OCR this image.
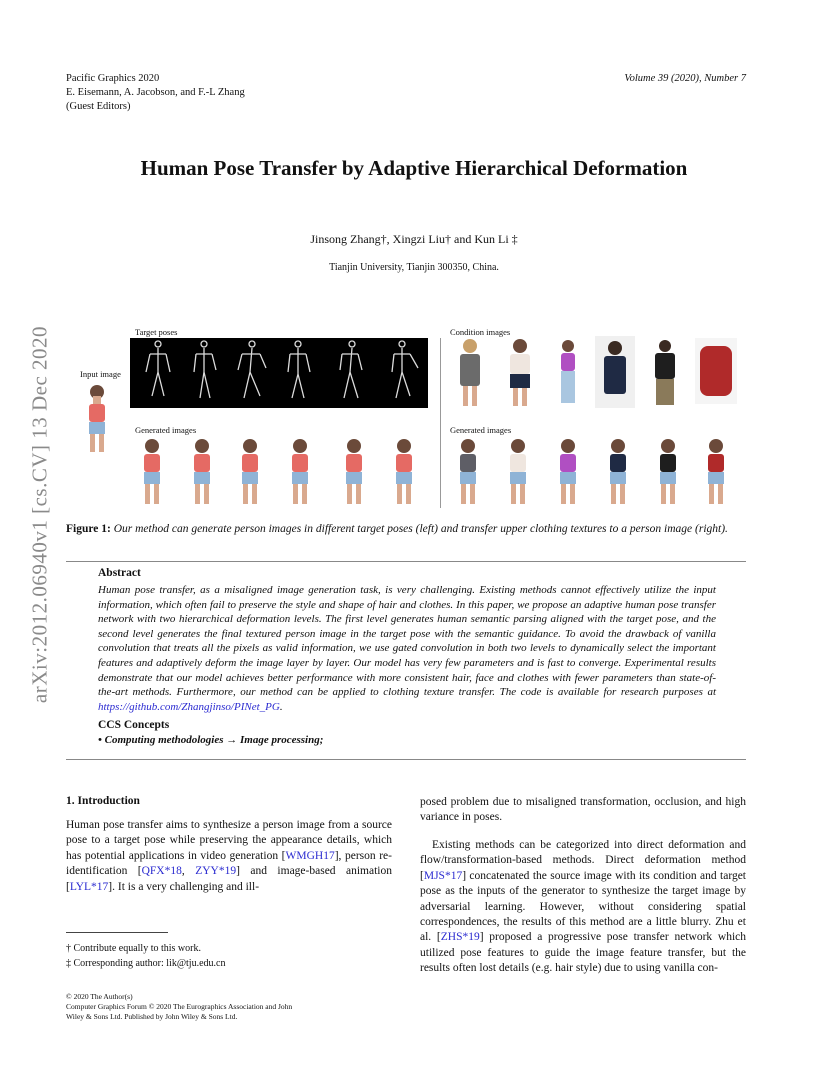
arXiv:2012.06940v1 [cs.CV] 13 Dec 2020
Pacific Graphics 2020
E. Eisemann, A. Jacobson, and F.-L Zhang
(Guest Editors)
Volume 39 (2020), Number 7
Human Pose Transfer by Adaptive Hierarchical Deformation
Jinsong Zhang†, Xingzi Liu† and Kun Li ‡
Tianjin University, Tianjin 300350, China.
Target poses	Condition images
Input image
Generated images	Generated images
Figure 1: Our method can generate person images in different target poses (left) and transfer upper clothing textures to a person image (right).
Abstract
Human pose transfer, as a misaligned image generation task, is very challenging. Existing methods cannot effectively utilize the input information, which often fail to preserve the style and shape of hair and clothes. In this paper, we propose an adaptive human pose transfer network with two hierarchical deformation levels. The first level generates human semantic parsing aligned with the target pose, and the second level generates the final textured person image in the target pose with the semantic guidance. To avoid the drawback of vanilla convolution that treats all the pixels as valid information, we use gated convolution in both two levels to dynamically select the important features and adaptively deform the image layer by layer. Our model has very few parameters and is fast to converge. Experimental results demonstrate that our model achieves better performance with more consistent hair, face and clothes with fewer parameters than state-of-the-art methods. Furthermore, our method can be applied to clothing texture transfer. The code is available for research purposes at https://github.com/Zhangjinso/PINet_PG.
CCS Concepts
• Computing methodologies → Image processing;
1. Introduction
Human pose transfer aims to synthesize a person image from a source pose to a target pose while preserving the appearance details, which has potential applications in video generation [WMGH17], person re-identification [QFX*18, ZYY*19] and image-based animation [LYL*17]. It is a very challenging and ill-
† Contribute equally to this work.
‡ Corresponding author: lik@tju.edu.cn
© 2020 The Author(s)
Computer Graphics Forum © 2020 The Eurographics Association and John
Wiley & Sons Ltd. Published by John Wiley & Sons Ltd.
posed problem due to misaligned transformation, occlusion, and high variance in poses.
Existing methods can be categorized into direct deformation and flow/transformation-based methods. Direct deformation method [MJS*17] concatenated the source image with its condition and target pose as the inputs of the generator to synthesize the target image by adversarial learning. However, without considering spatial correspondences, the results of this method are a little blurry. Zhu et al. [ZHS*19] proposed a progressive pose transfer network which utilized pose features to guide the image feature transfer, but the results often lost details (e.g. hair style) due to using vanilla con-
